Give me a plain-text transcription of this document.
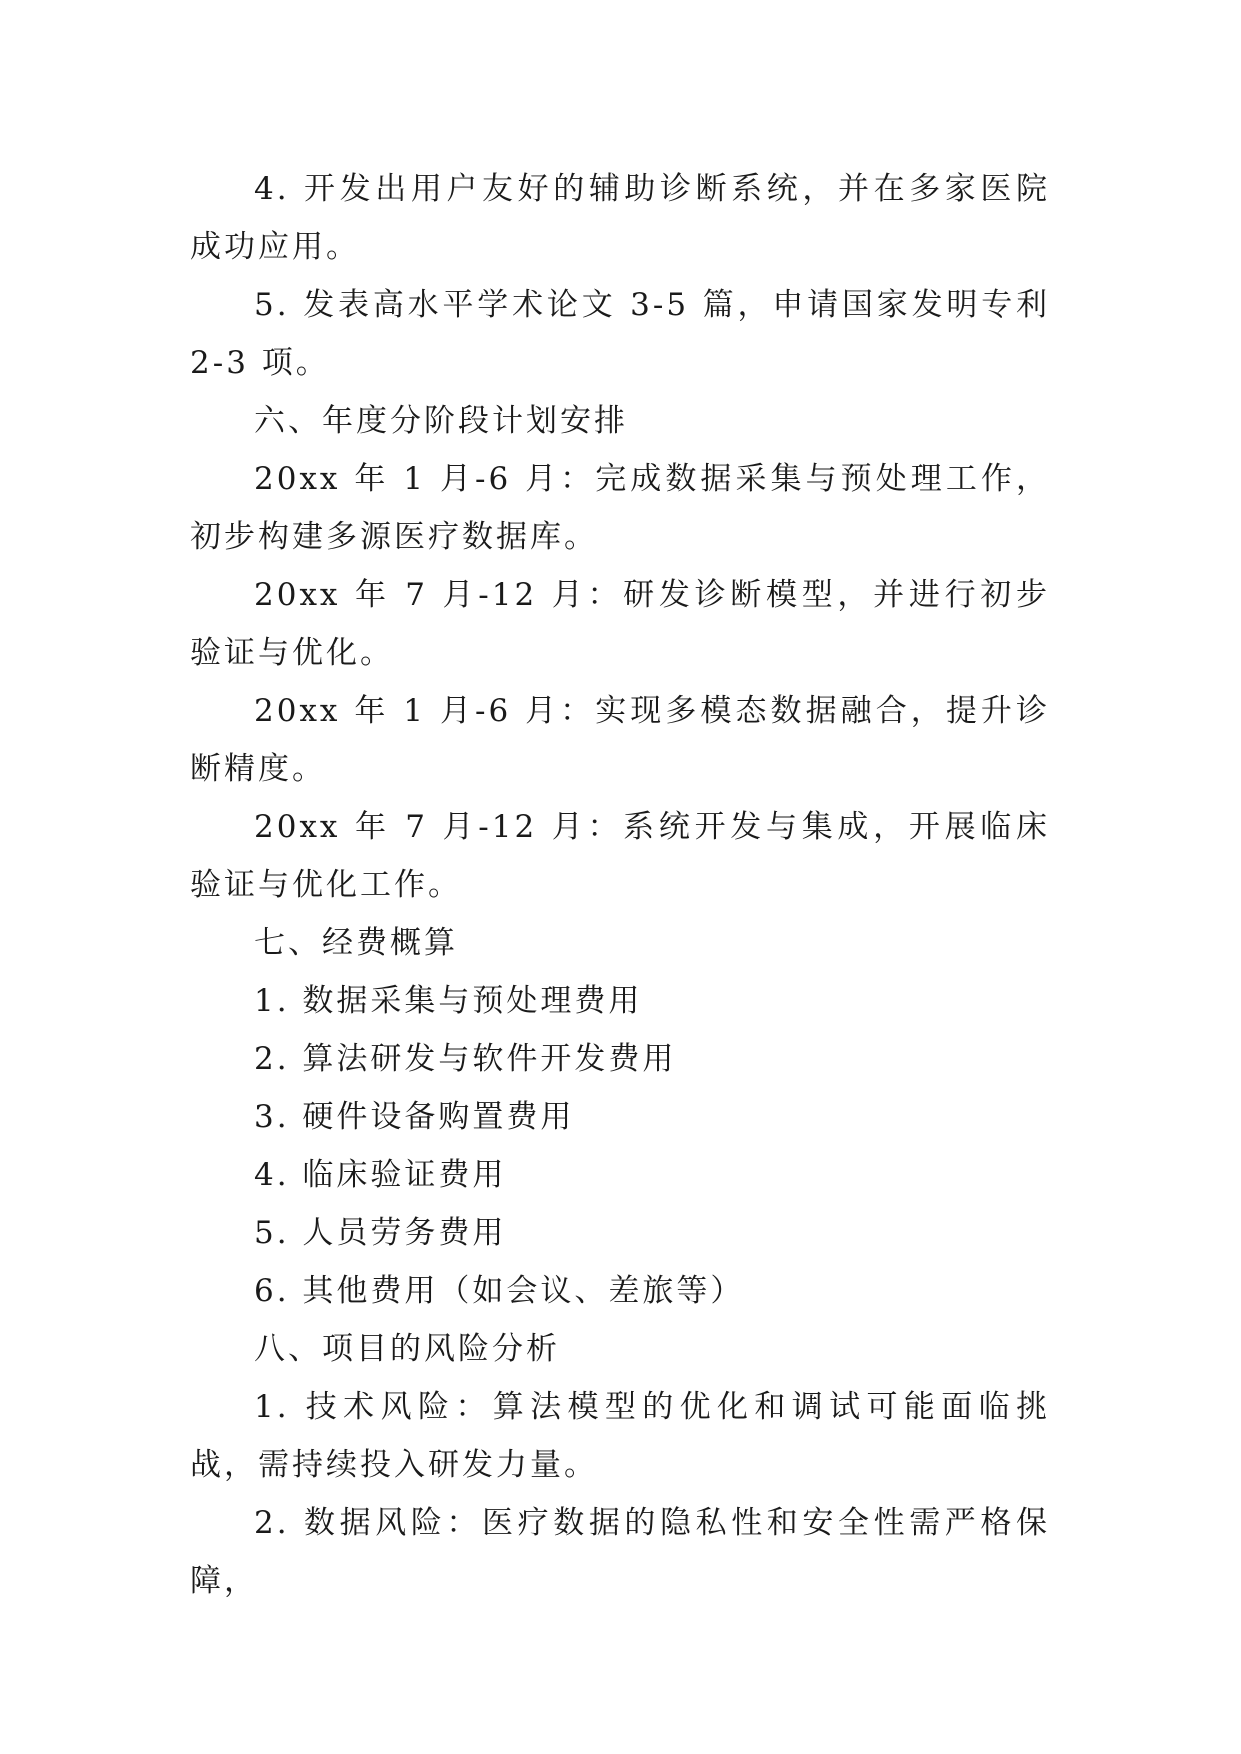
4. 开发出用户友好的辅助诊断系统，并在多家医院成功应用。

5. 发表高水平学术论文 3-5 篇，申请国家发明专利 2-3 项。

六、年度分阶段计划安排

20xx 年 1 月-6 月：完成数据采集与预处理工作，初步构建多源医疗数据库。

20xx 年 7 月-12 月：研发诊断模型，并进行初步验证与优化。

20xx 年 1 月-6 月：实现多模态数据融合，提升诊断精度。

20xx 年 7 月-12 月：系统开发与集成，开展临床验证与优化工作。

七、经费概算

1. 数据采集与预处理费用

2. 算法研发与软件开发费用

3. 硬件设备购置费用

4. 临床验证费用

5. 人员劳务费用

6. 其他费用（如会议、差旅等）

八、项目的风险分析

1. 技术风险：算法模型的优化和调试可能面临挑战，需持续投入研发力量。

2. 数据风险：医疗数据的隐私性和安全性需严格保障，
